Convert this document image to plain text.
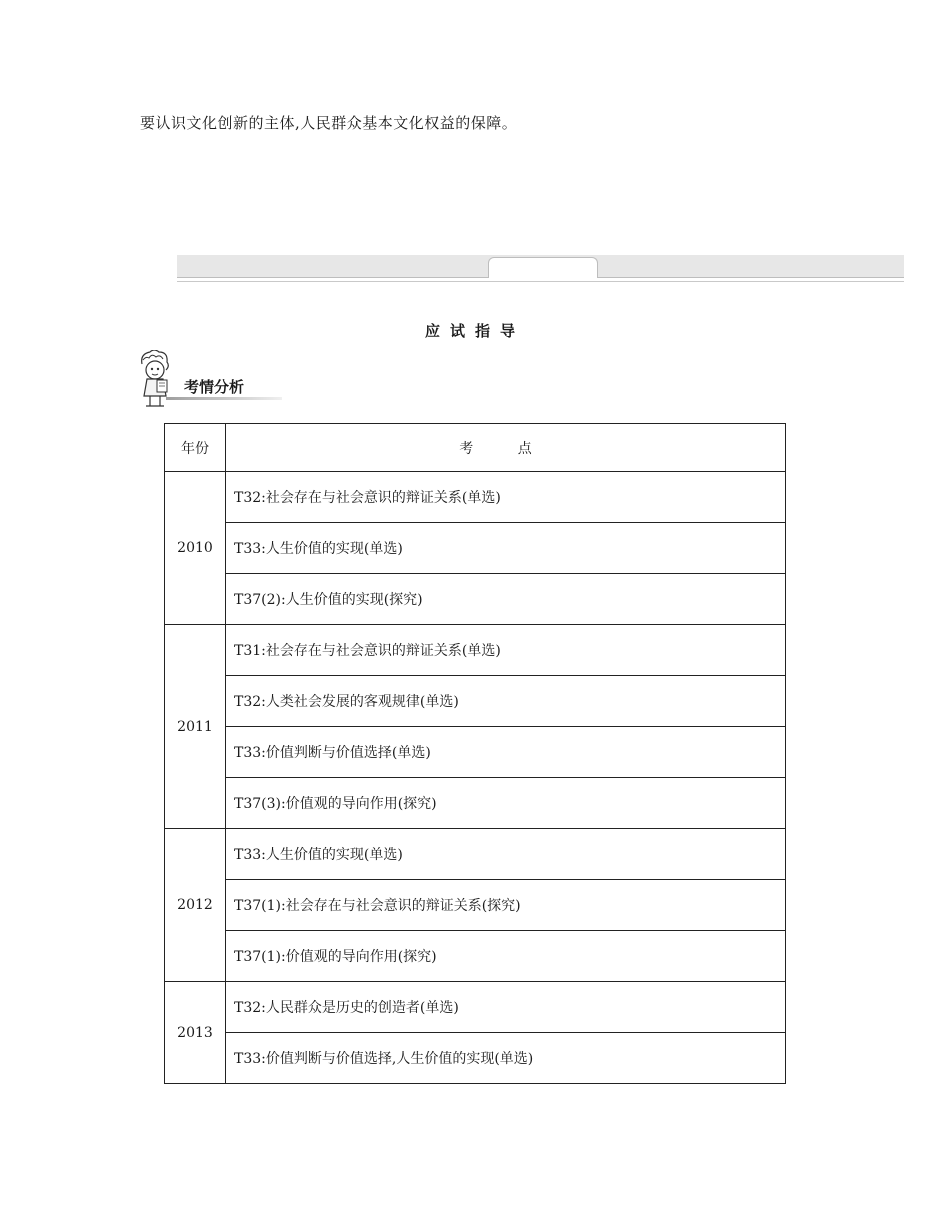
要认识文化创新的主体,人民群众基本文化权益的保障。
应试指导
考情分析
年份	考 点
2010	T32:社会存在与社会意识的辩证关系(单选)
	T33:人生价值的实现(单选)
	T37(2):人生价值的实现(探究)
2011	T31:社会存在与社会意识的辩证关系(单选)
	T32:人类社会发展的客观规律(单选)
	T33:价值判断与价值选择(单选)
	T37(3):价值观的导向作用(探究)
2012	T33:人生价值的实现(单选)
	T37(1):社会存在与社会意识的辩证关系(探究)
	T37(1):价值观的导向作用(探究)
2013	T32:人民群众是历史的创造者(单选)
	T33:价值判断与价值选择,人生价值的实现(单选)
